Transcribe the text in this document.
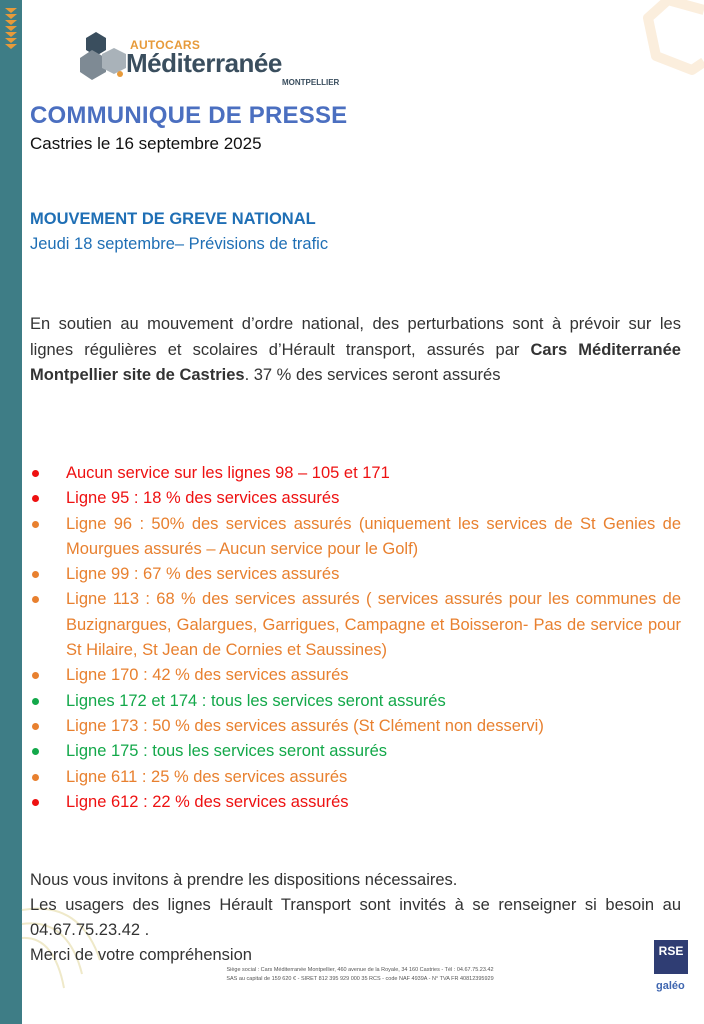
AUTOCARS
Méditerranée
MONTPELLIER
COMMUNIQUE DE PRESSE
Castries le 16 septembre 2025
MOUVEMENT DE GREVE NATIONAL
Jeudi 18 septembre– Prévisions de trafic
En soutien au mouvement d’ordre national, des perturbations sont à prévoir sur les lignes régulières et scolaires d’Hérault transport, assurés par Cars Méditerranée Montpellier site de Castries. 37 % des services seront assurés
Aucun service sur les lignes 98 – 105 et 171
Ligne 95 : 18 % des services assurés
Ligne 96 : 50% des services assurés (uniquement les services de St Genies de Mourgues assurés – Aucun service pour le Golf)
Ligne 99 : 67 % des services assurés
Ligne 113 : 68 % des services assurés ( services assurés pour les communes de Buzignargues, Galargues, Garrigues, Campagne et Boisseron- Pas de service pour St Hilaire, St Jean de Cornies et Saussines)
Ligne 170 : 42 % des services assurés
Lignes 172 et 174 : tous les services seront assurés
Ligne 173 : 50 % des services assurés (St Clément non desservi)
Ligne 175 : tous les services seront assurés
Ligne 611 : 25 % des services assurés
Ligne 612 : 22 % des services assurés

Nous vous invitons à prendre les dispositions nécessaires.

Les usagers des lignes Hérault Transport sont invités à se renseigner si besoin au 04.67.75.23.42 .

Merci de votre compréhension

Siège social : Cars Méditerranée Montpellier, 460 avenue de la Royale, 34 160 Castries - Tél : 04.67.75.23.42
SAS au capital de 159 620 € - SIRET 812 395 929 000 35 RCS - code NAF 4939A - N° TVA FR 40812395929
RSE
galéo
